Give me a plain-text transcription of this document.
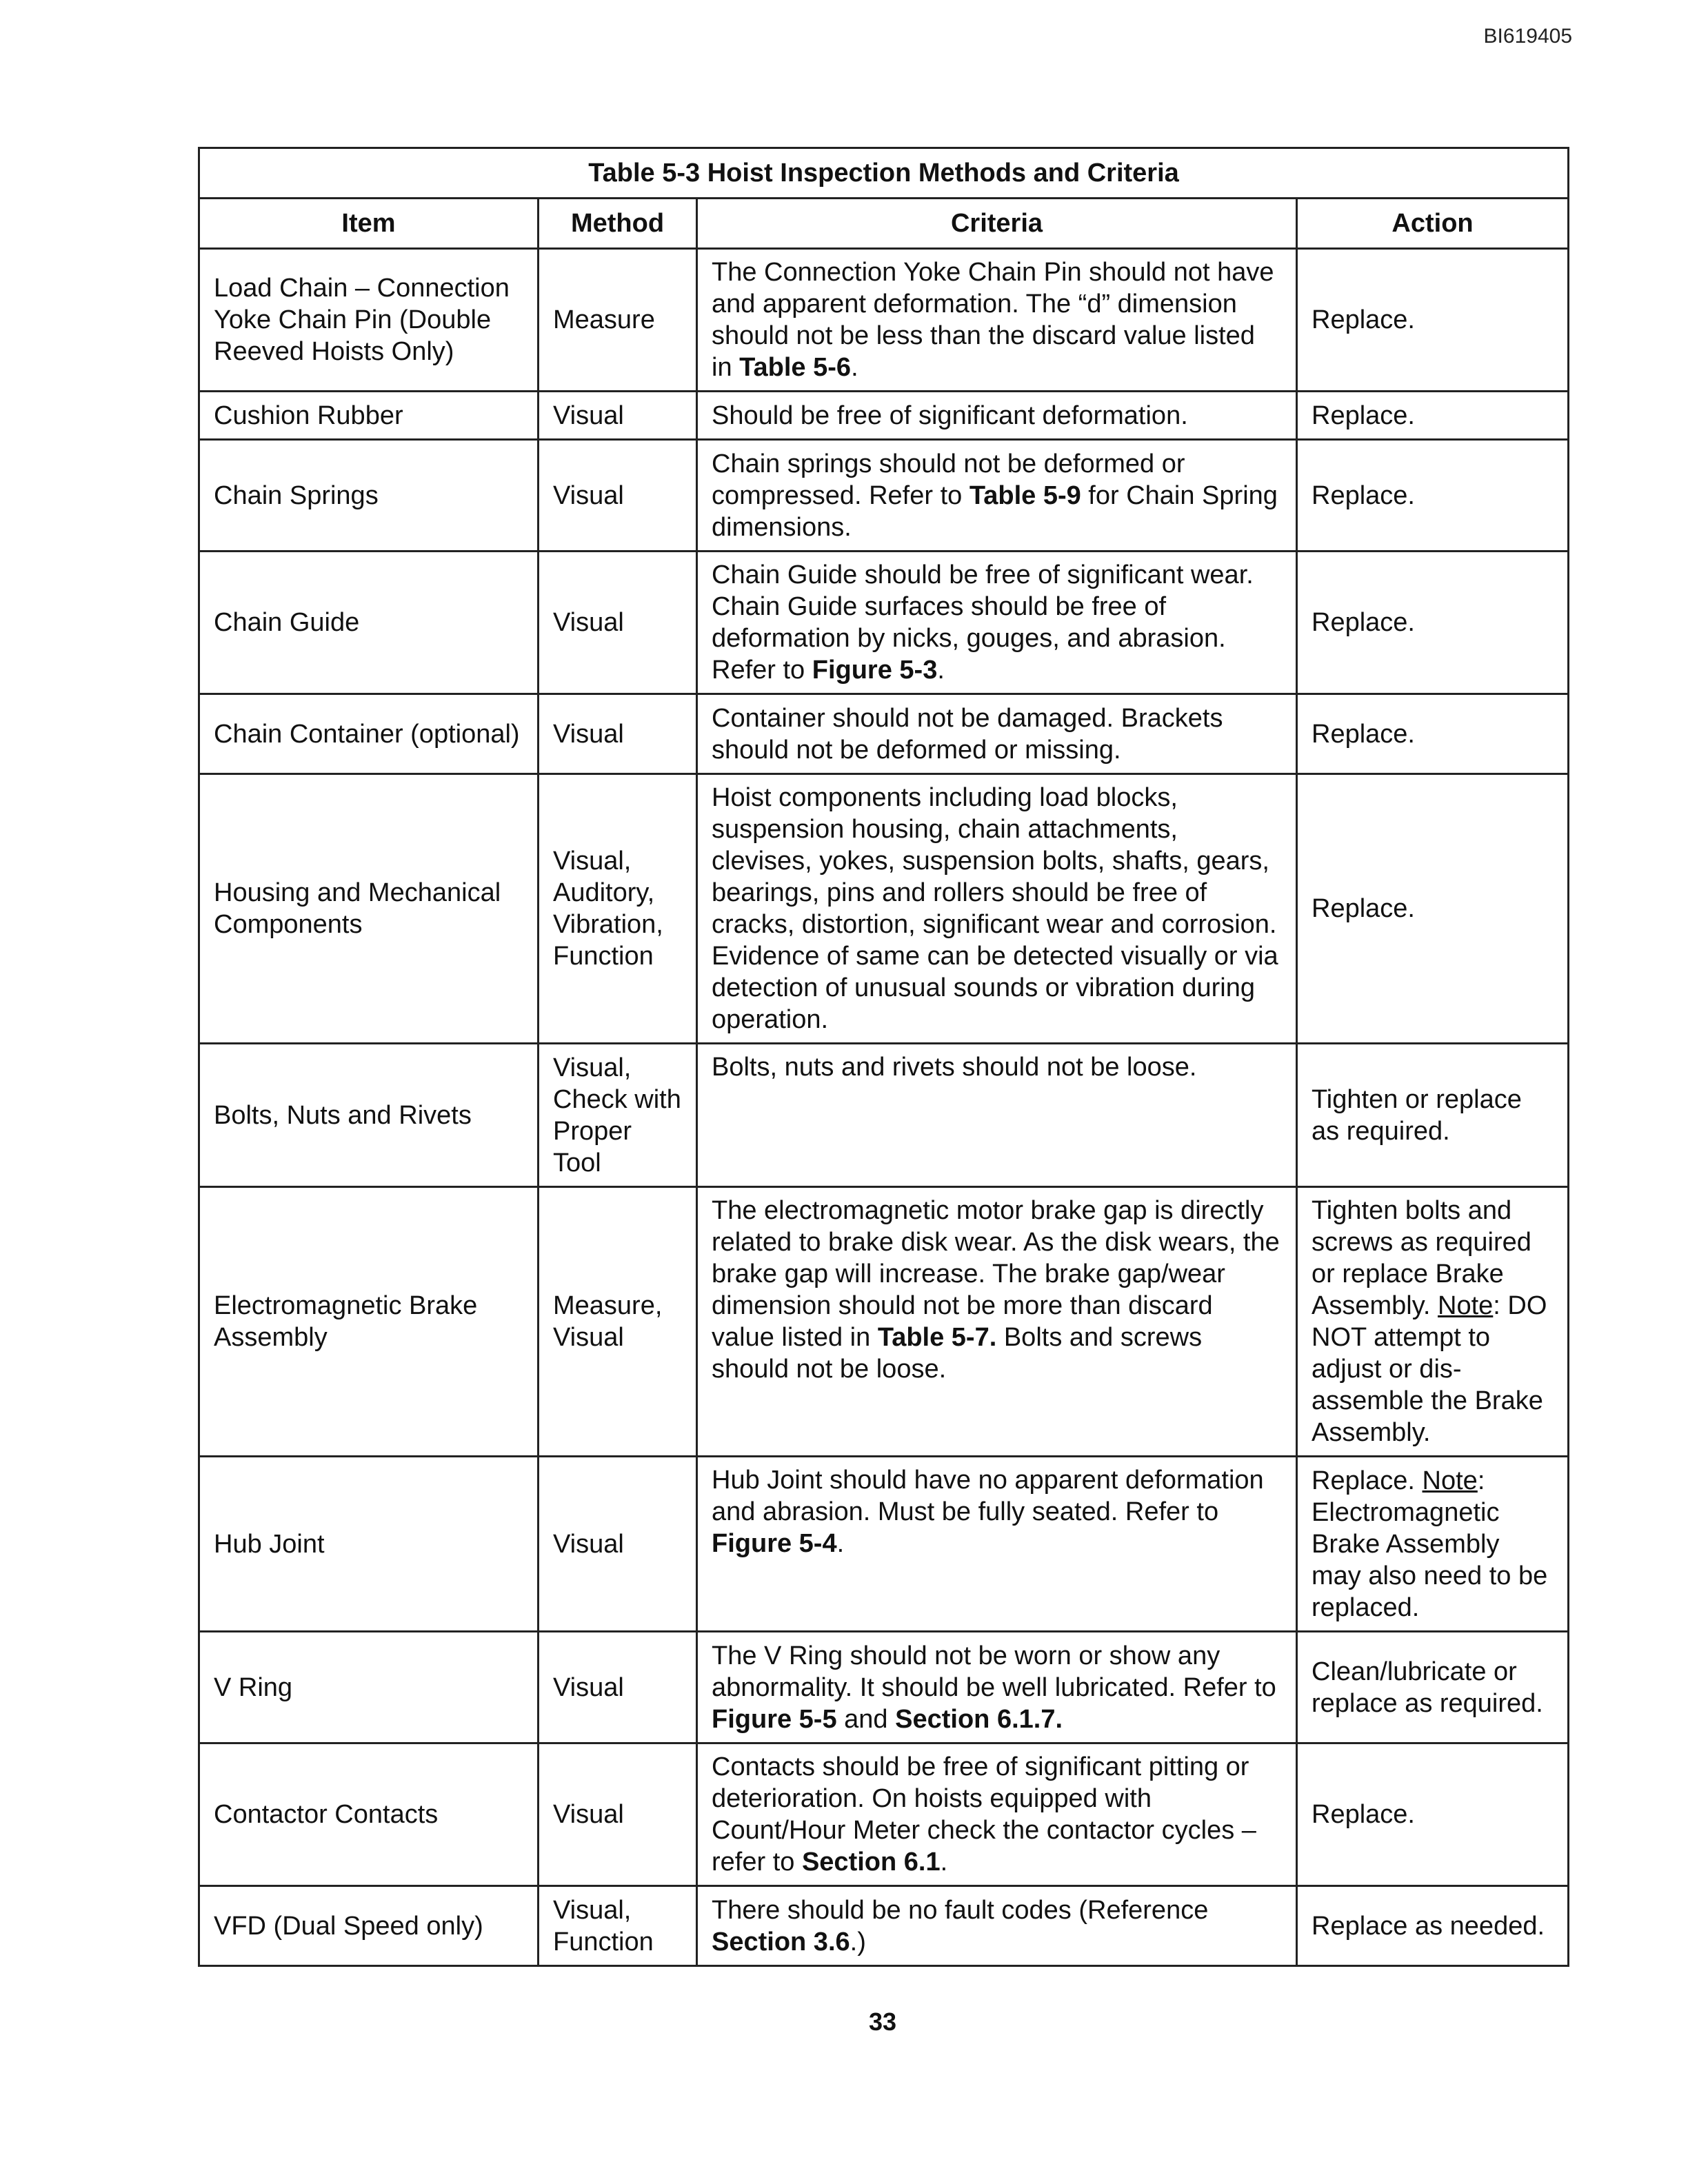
BI619405
Table 5-3 Hoist Inspection Methods and Criteria			
Item	Method	Criteria	Action
Load Chain – Connection Yoke Chain Pin (Double Reeved Hoists Only)	Measure	The Connection Yoke Chain Pin should not have and apparent deformation. The “d” dimension should not be less than the discard value listed in Table 5-6.	Replace.
Cushion Rubber	Visual	Should be free of significant deformation.	Replace.
Chain Springs	Visual	Chain springs should not be deformed or compressed. Refer to Table 5-9 for Chain Spring dimensions.	Replace.
Chain Guide	Visual	Chain Guide should be free of significant wear. Chain Guide surfaces should be free of deformation by nicks, gouges, and abrasion. Refer to Figure 5-3.	Replace.
Chain Container (optional)	Visual	Container should not be damaged. Brackets should not be deformed or missing.	Replace.
Housing and Mechanical Components	Visual, Auditory, Vibration, Function	Hoist components including load blocks, suspension housing, chain attachments, clevises, yokes, suspension bolts, shafts, gears, bearings, pins and rollers should be free of cracks, distortion, significant wear and corrosion. Evidence of same can be detected visually or via detection of unusual sounds or vibration during operation.	Replace.
Bolts, Nuts and Rivets	Visual, Check with Proper Tool	Bolts, nuts and rivets should not be loose.	Tighten or replace as required.
Electromagnetic Brake Assembly	Measure, Visual	The electromagnetic motor brake gap is directly related to brake disk wear. As the disk wears, the brake gap will increase. The brake gap/wear dimension should not be more than discard value listed in Table 5-7. Bolts and screws should not be loose.	Tighten bolts and screws as required or replace Brake Assembly. Note: DO NOT attempt to adjust or dis-assemble the Brake Assembly.
Hub Joint	Visual	Hub Joint should have no apparent deformation and abrasion. Must be fully seated. Refer to Figure 5-4.	Replace. Note: Electromagnetic Brake Assembly may also need to be replaced.
V Ring	Visual	The V Ring should not be worn or show any abnormality. It should be well lubricated. Refer to Figure 5-5 and Section 6.1.7.	Clean/lubricate or replace as required.
Contactor Contacts	Visual	Contacts should be free of significant pitting or deterioration. On hoists equipped with Count/Hour Meter check the contactor cycles – refer to Section 6.1.	Replace.
VFD (Dual Speed only)	Visual, Function	There should be no fault codes (Reference Section 3.6.)	Replace as needed.
33
